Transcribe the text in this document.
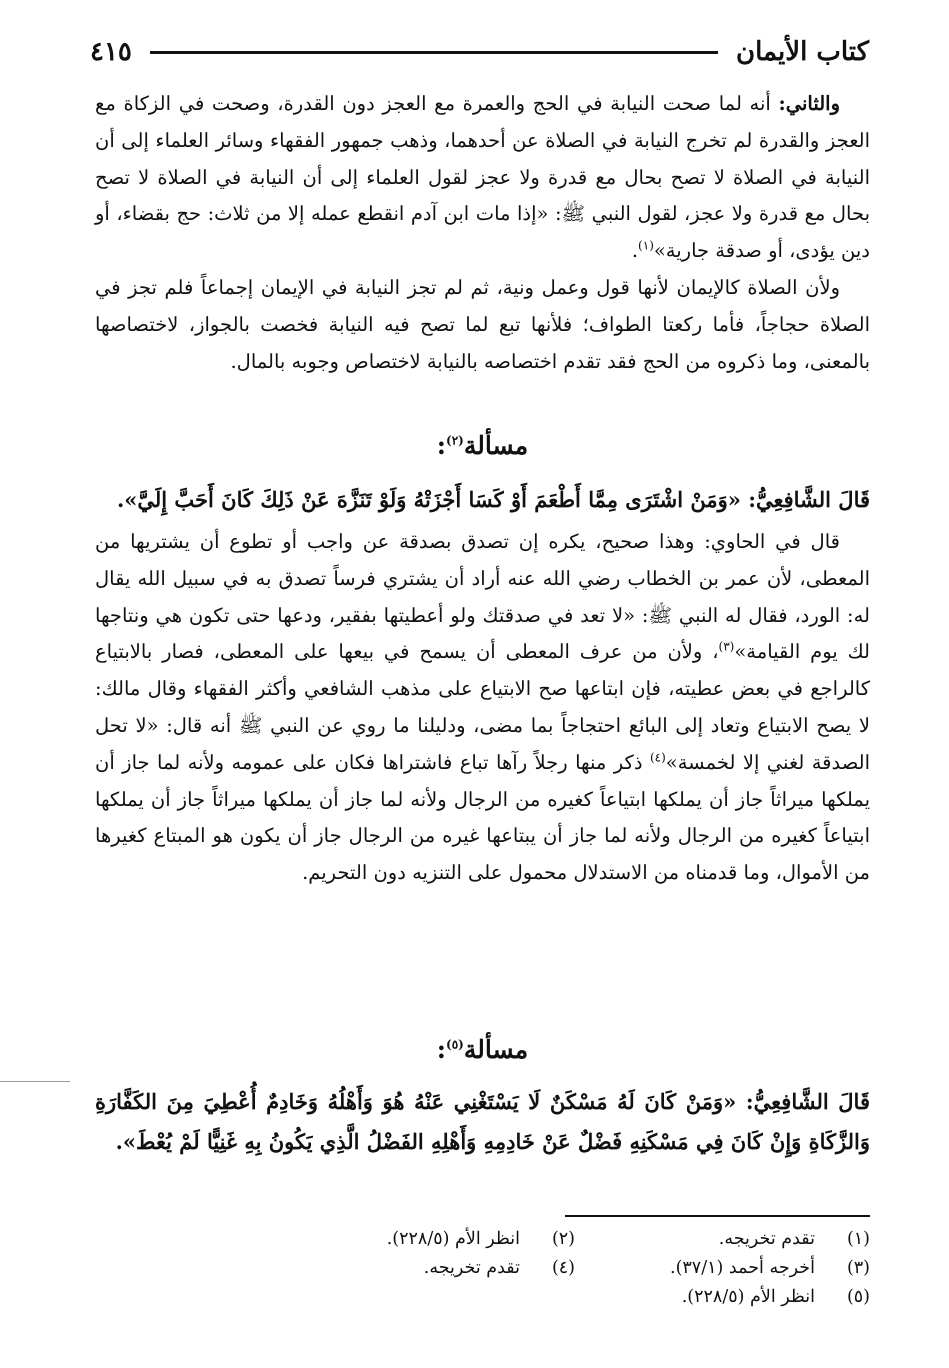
كتاب الأيمان
٤١٥

والثاني: أنه لما صحت النيابة في الحج والعمرة مع العجز دون القدرة، وصحت في الزكاة مع العجز والقدرة لم تخرج النيابة في الصلاة عن أحدهما، وذهب جمهور الفقهاء وسائر العلماء إلى أن النيابة في الصلاة لا تصح بحال مع قدرة ولا عجز لقول العلماء إلى أن النيابة في الصلاة لا تصح بحال مع قدرة ولا عجز، لقول النبي ﷺ: «إذا مات ابن آدم انقطع عمله إلا من ثلاث: حج بقضاء، أو دين يؤدى، أو صدقة جارية»$^{(١)}$.

ولأن الصلاة كالإيمان لأنها قول وعمل ونية، ثم لم تجز النيابة في الإيمان إجماعاً فلم تجز في الصلاة حجاجاً، فأما ركعتا الطواف؛ فلأنها تبع لما تصح فيه النيابة فخصت بالجواز، لاختصاصها بالمعنى، وما ذكروه من الحج فقد تقدم اختصاصه بالنيابة لاختصاص وجوبه بالمال.

مسألة$^{(٢)}$:

قَالَ الشَّافِعِيُّ: «وَمَنْ اشْتَرَى مِمَّا أَطْعَمَ أَوْ كَسَا أَجْزَتْهُ وَلَوْ تَنَزَّهَ عَنْ ذَلِكَ كَانَ أَحَبَّ إِلَيَّ».

قال في الحاوي: وهذا صحيح، يكره إن تصدق بصدقة عن واجب أو تطوع أن يشتريها من المعطى، لأن عمر بن الخطاب رضي الله عنه أراد أن يشتري فرساً تصدق به في سبيل الله يقال له: الورد، فقال له النبي ﷺ: «لا تعد في صدقتك ولو أعطيتها بفقير، ودعها حتى تكون هي ونتاجها لك يوم القيامة»$^{(٣)}$، ولأن من عرف المعطى أن يسمح في بيعها على المعطى، فصار بالابتياع كالراجع في بعض عطيته، فإن ابتاعها صح الابتياع على مذهب الشافعي وأكثر الفقهاء وقال مالك: لا يصح الابتياع وتعاد إلى البائع احتجاجاً بما مضى، ودليلنا ما روي عن النبي ﷺ أنه قال: «لا تحل الصدقة لغني إلا لخمسة»$^{(٤)}$ ذكر منها رجلاً رآها تباع فاشتراها فكان على عمومه ولأنه لما جاز أن يملكها ميراثاً جاز أن يملكها ابتياعاً كغيره من الرجال ولأنه لما جاز أن يملكها ميراثاً جاز أن يملكها ابتياعاً كغيره من الرجال ولأنه لما جاز أن يبتاعها غيره من الرجال جاز أن يكون هو المبتاع كغيرها من الأموال، وما قدمناه من الاستدلال محمول على التنزيه دون التحريم.

مسألة$^{(٥)}$:

قَالَ الشَّافِعِيُّ: «وَمَنْ كَانَ لَهُ مَسْكَنٌ لَا يَسْتَغْنِي عَنْهُ هُوَ وَأَهْلُهُ وَخَادِمٌ أُعْطِيَ مِنَ الكَفَّارَةِ وَالزَّكَاةِ وَإِنْ كَانَ فِي مَسْكَنِهِ فَضْلٌ عَنْ خَادِمِهِ وَأَهْلِهِ الفَضْلُ الَّذِي يَكُونُ بِهِ غَنِيًّا لَمْ يُعْطَ».

(١)
تقدم تخريجه.
(٢)
انظر الأم (٢٢٨/٥).
(٣)
أخرجه أحمد (٣٧/١).
(٤)
تقدم تخريجه.
(٥)
انظر الأم (٢٢٨/٥).
